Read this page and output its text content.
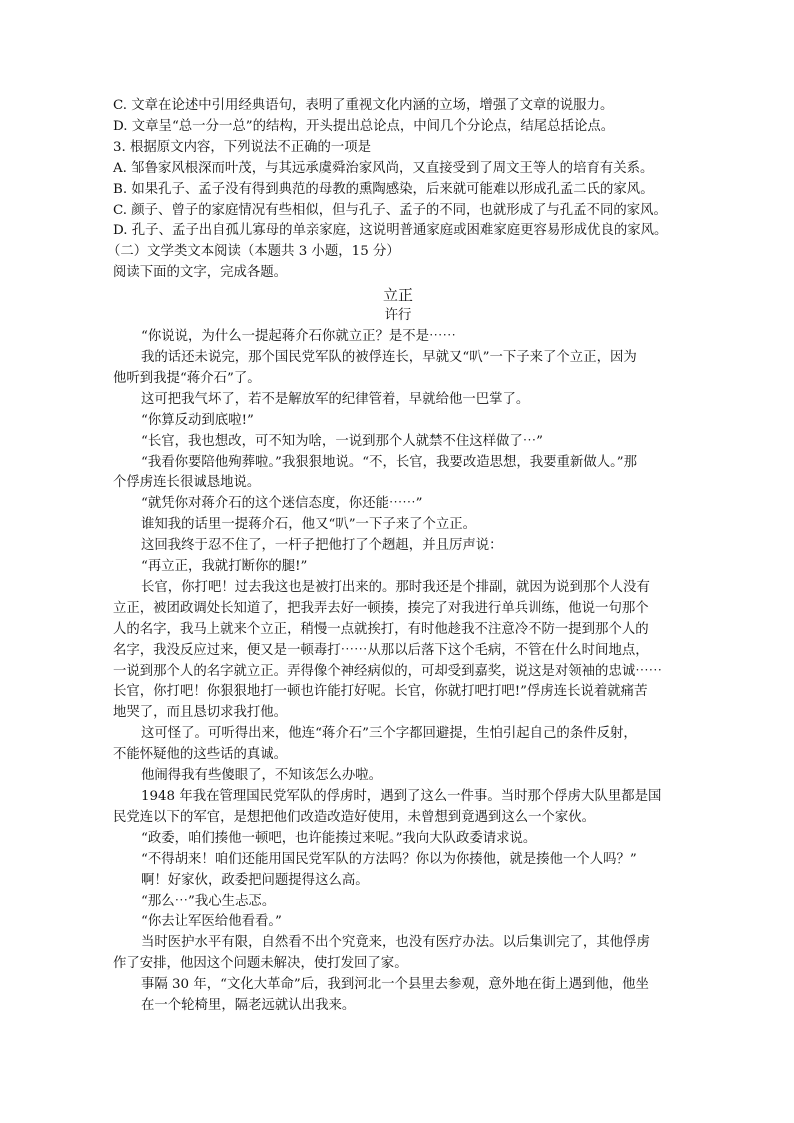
C. 文章在论述中引用经典语句，表明了重视文化内涵的立场，增强了文章的说服力。
D. 文章呈“总一分一总”的结构，开头提出总论点，中间几个分论点，结尾总括论点。
3. 根据原文内容，下列说法不正确的一项是
A. 邹鲁家风根深而叶茂，与其远承虞舜治家风尚，又直接受到了周文王等人的培育有关系。
B. 如果孔子、孟子没有得到典范的母教的熏陶感染，后来就可能难以形成孔孟二氏的家风。
C. 颜子、曾子的家庭情况有些相似，但与孔子、孟子的不同，也就形成了与孔孟不同的家风。
D. 孔子、孟子出自孤儿寡母的单亲家庭，这说明普通家庭或困难家庭更容易形成优良的家风。
（二）文学类文本阅读（本题共 3 小题，15 分）
阅读下面的文字，完成各题。
立正
许行
“你说说，为什么一提起蒋介石你就立正？是不是⋯⋯
我的话还未说完，那个国民党军队的被俘连长，早就又“叭”一下子来了个立正，因为
他听到我提“蒋介石”了。
这可把我气坏了，若不是解放军的纪律管着，早就给他一巴掌了。
“你算反动到底啦!”
“长官，我也想改，可不知为啥，一说到那个人就禁不住这样做了⋯”
“我看你要陪他殉葬啦。”我狠狠地说。“不，长官，我要改造思想，我要重新做人。”那
个俘虏连长很诚恳地说。
“就凭你对蒋介石的这个迷信态度，你还能⋯⋯”
谁知我的话里一提蒋介石，他又“叭”一下子来了个立正。
这回我终于忍不住了，一杆子把他打了个趔趄，并且厉声说：
“再立正，我就打断你的腿!”
长官，你打吧！过去我这也是被打出来的。那时我还是个排副，就因为说到那个人没有
立正，被团政调处长知道了，把我弄去好一顿揍，揍完了对我进行单兵训练，他说一句那个
人的名字，我马上就来个立正，稍慢一点就挨打，有时他趁我不注意冷不防一提到那个人的
名字，我没反应过来，便又是一顿毒打⋯⋯从那以后落下这个毛病，不管在什么时间地点，
一说到那个人的名字就立正。弄得像个神经病似的，可却受到嘉奖，说这是对领袖的忠诚⋯⋯
长官，你打吧！你狠狠地打一顿也许能打好呢。长官，你就打吧打吧!”俘虏连长说着就痛苦
地哭了，而且恳切求我打他。
这可怪了。可听得出来，他连“蒋介石”三个字都回避提，生怕引起自己的条件反射，
不能怀疑他的这些话的真诚。
他闹得我有些傻眼了，不知该怎么办啦。
1948 年我在管理国民党军队的俘虏时，遇到了这么一件事。当时那个俘虏大队里都是国
民党连以下的军官，是想把他们改造改造好使用，未曾想到竟遇到这么一个家伙。
“政委，咱们揍他一顿吧，也许能揍过来呢。”我向大队政委请求说。
“不得胡来！咱们还能用国民党军队的方法吗？你以为你揍他，就是揍他一个人吗？”
啊！好家伙，政委把问题提得这么高。
“那么⋯”我心生忐忑。
“你去让军医给他看看。”
当时医护水平有限，自然看不出个究竟来，也没有医疗办法。以后集训完了，其他俘虏
作了安排，他因这个问题未解决，使打发回了家。
事隔 30 年，“文化大革命”后，我到河北一个县里去参观，意外地在街上遇到他，他坐
在一个轮椅里，隔老远就认出我来。
